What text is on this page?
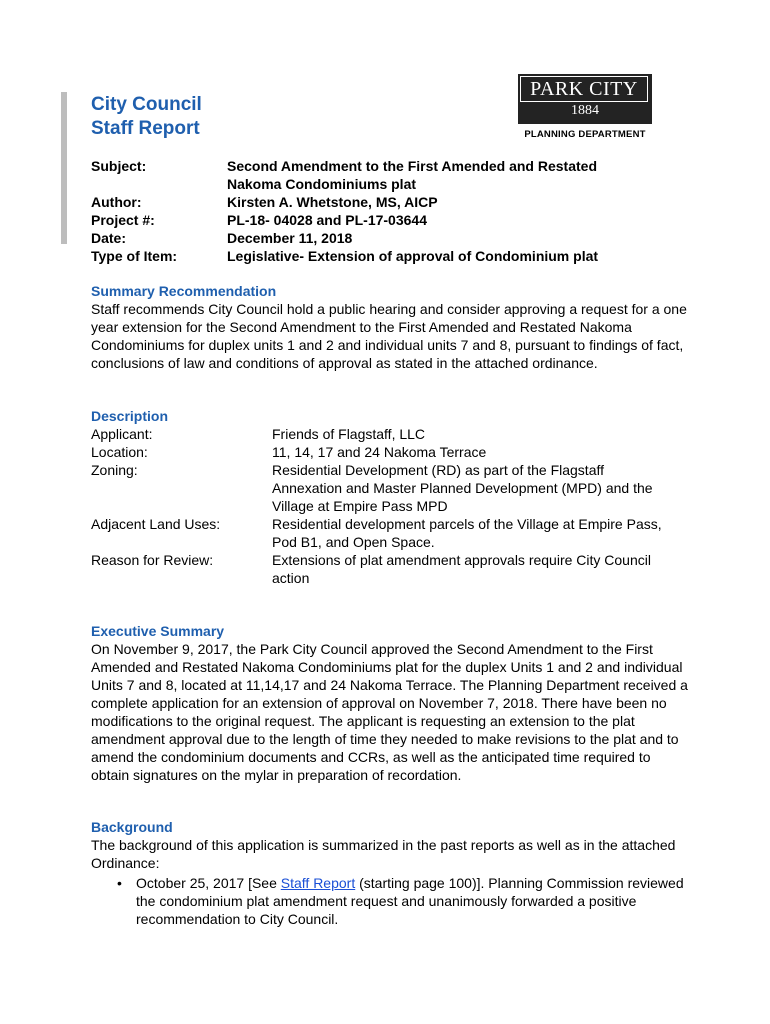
City Council
Staff Report
PARK CITY
1884
PLANNING DEPARTMENT
Subject:	Second Amendment to the First Amended and Restated Nakoma Condominiums plat
Author:	Kirsten A. Whetstone, MS, AICP
Project #:	PL-18- 04028 and PL-17-03644
Date:	December 11, 2018
Type of Item:	Legislative- Extension of approval of Condominium plat
Summary Recommendation
Staff recommends City Council hold a public hearing and consider approving a request for a one year extension for the Second Amendment to the First Amended and Restated Nakoma Condominiums for duplex units 1 and 2 and individual units 7 and 8, pursuant to findings of fact, conclusions of law and conditions of approval as stated in the attached ordinance.
Description
Applicant:	Friends of Flagstaff, LLC
Location:	11, 14, 17 and 24 Nakoma Terrace
Zoning:	Residential Development (RD) as part of the Flagstaff Annexation and Master Planned Development (MPD) and the Village at Empire Pass MPD
Adjacent Land Uses:	Residential development parcels of the Village at Empire Pass, Pod B1, and Open Space.
Reason for Review:	Extensions of plat amendment approvals require City Council action
Executive Summary
On November 9, 2017, the Park City Council approved the Second Amendment to the First Amended and Restated Nakoma Condominiums plat for the duplex Units 1 and 2 and individual Units 7 and 8, located at 11,14,17 and 24 Nakoma Terrace. The Planning Department received a complete application for an extension of approval on November 7, 2018. There have been no modifications to the original request. The applicant is requesting an extension to the plat amendment approval due to the length of time they needed to make revisions to the plat and to amend the condominium documents and CCRs, as well as the anticipated time required to obtain signatures on the mylar in preparation of recordation.
Background
The background of this application is summarized in the past reports as well as in the attached Ordinance:
• October 25, 2017 [See Staff Report (starting page 100)]. Planning Commission reviewed the condominium plat amendment request and unanimously forwarded a positive recommendation to City Council.
